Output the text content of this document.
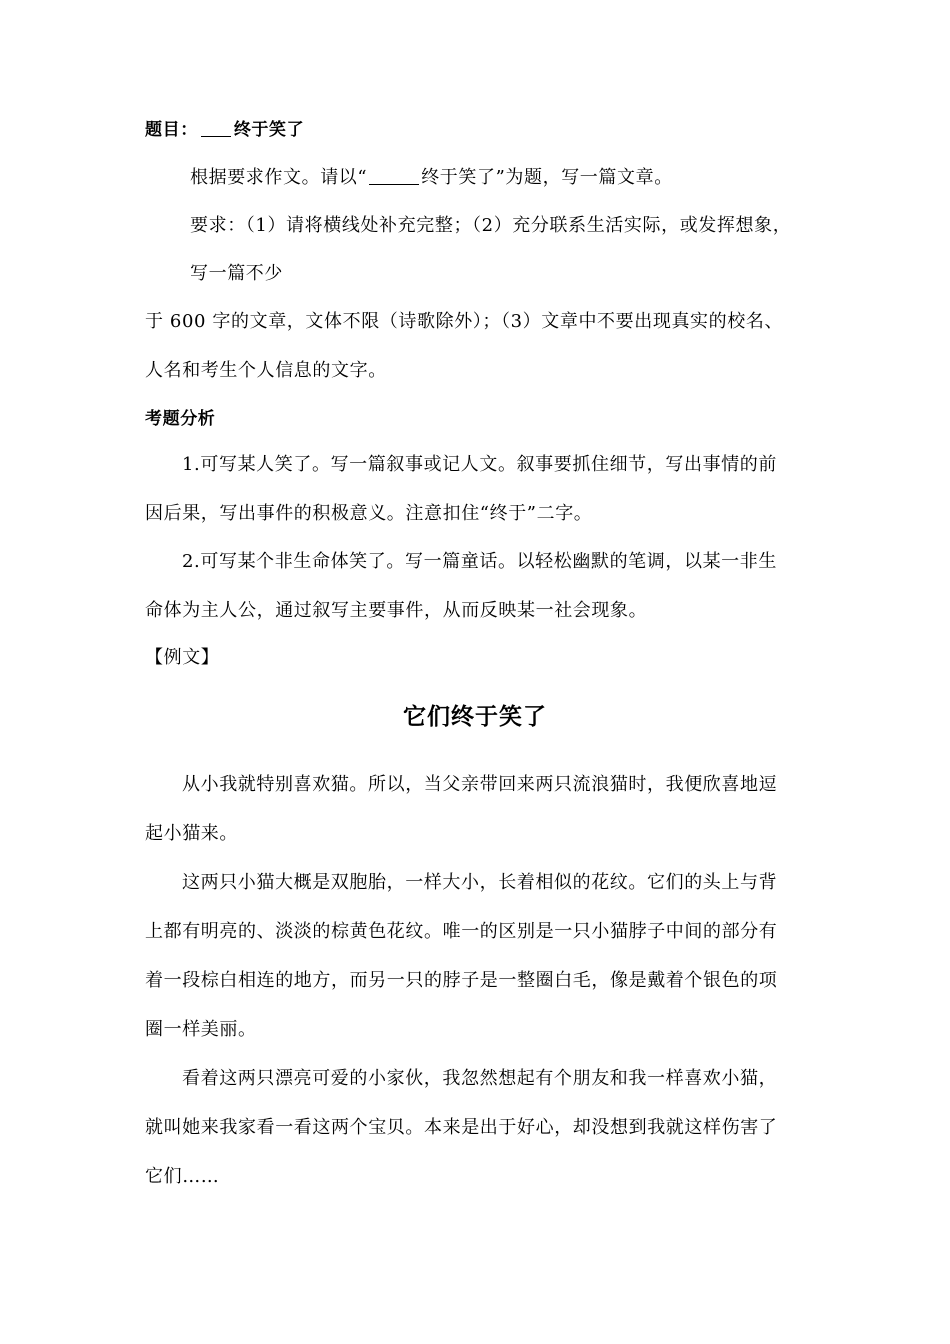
题目： 终于笑了
根据要求作文。请以“	终于笑了”为题，写一篇文章。
要求：（1）请将横线处补充完整；（2）充分联系生活实际，或发挥想象，
写一篇不少
于 600 字的文章，文体不限（诗歌除外）；（3）文章中不要出现真实的校名、
人名和考生个人信息的文字。
考题分析
1.可写某人笑了。写一篇叙事或记人文。叙事要抓住细节，写出事情的前
因后果，写出事件的积极意义。注意扣住“终于”二字。
2.可写某个非生命体笑了。写一篇童话。以轻松幽默的笔调，以某一非生
命体为主人公，通过叙写主要事件，从而反映某一社会现象。
【例文】
它们终于笑了
从小我就特别喜欢猫。所以，当父亲带回来两只流浪猫时，我便欣喜地逗
起小猫来。
这两只小猫大概是双胞胎，一样大小，长着相似的花纹。它们的头上与背
上都有明亮的、淡淡的棕黄色花纹。唯一的区别是一只小猫脖子中间的部分有
着一段棕白相连的地方，而另一只的脖子是一整圈白毛，像是戴着个银色的项
圈一样美丽。
看着这两只漂亮可爱的小家伙，我忽然想起有个朋友和我一样喜欢小猫，
就叫她来我家看一看这两个宝贝。本来是出于好心，却没想到我就这样伤害了
它们……
